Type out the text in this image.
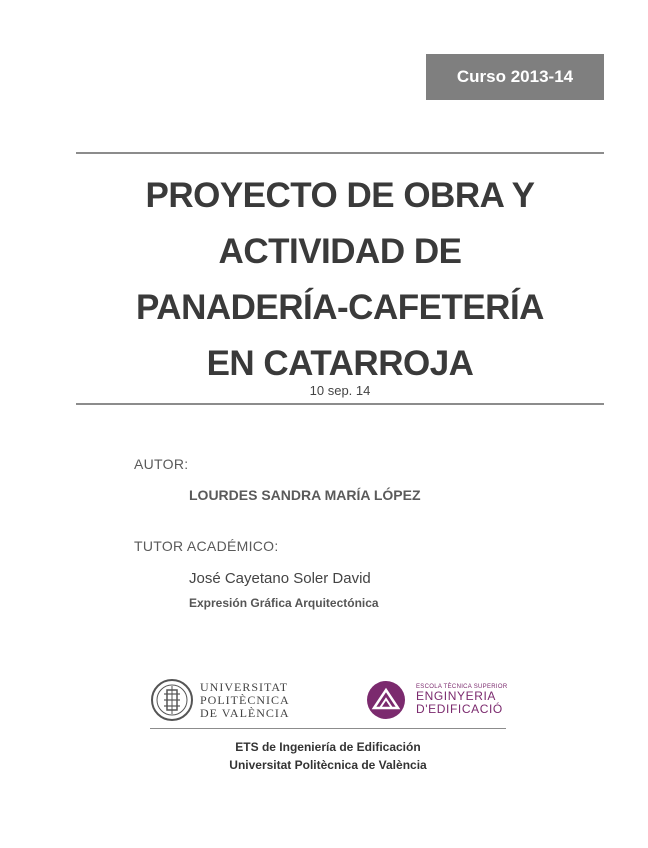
Curso 2013-14
PROYECTO DE OBRA Y
ACTIVIDAD DE
PANADERÍA-CAFETERÍA
EN CATARROJA
10 sep. 14
AUTOR:
LOURDES SANDRA MARÍA LÓPEZ
TUTOR ACADÉMICO:
José Cayetano Soler David
Expresión Gráfica Arquitectónica
UNIVERSITAT
POLITÈCNICA
DE VALÈNCIA
ESCOLA TÈCNICA SUPERIOR
ENGINYERIA
D'EDIFICACIÓ
ETS de Ingeniería de Edificación
Universitat Politècnica de València
